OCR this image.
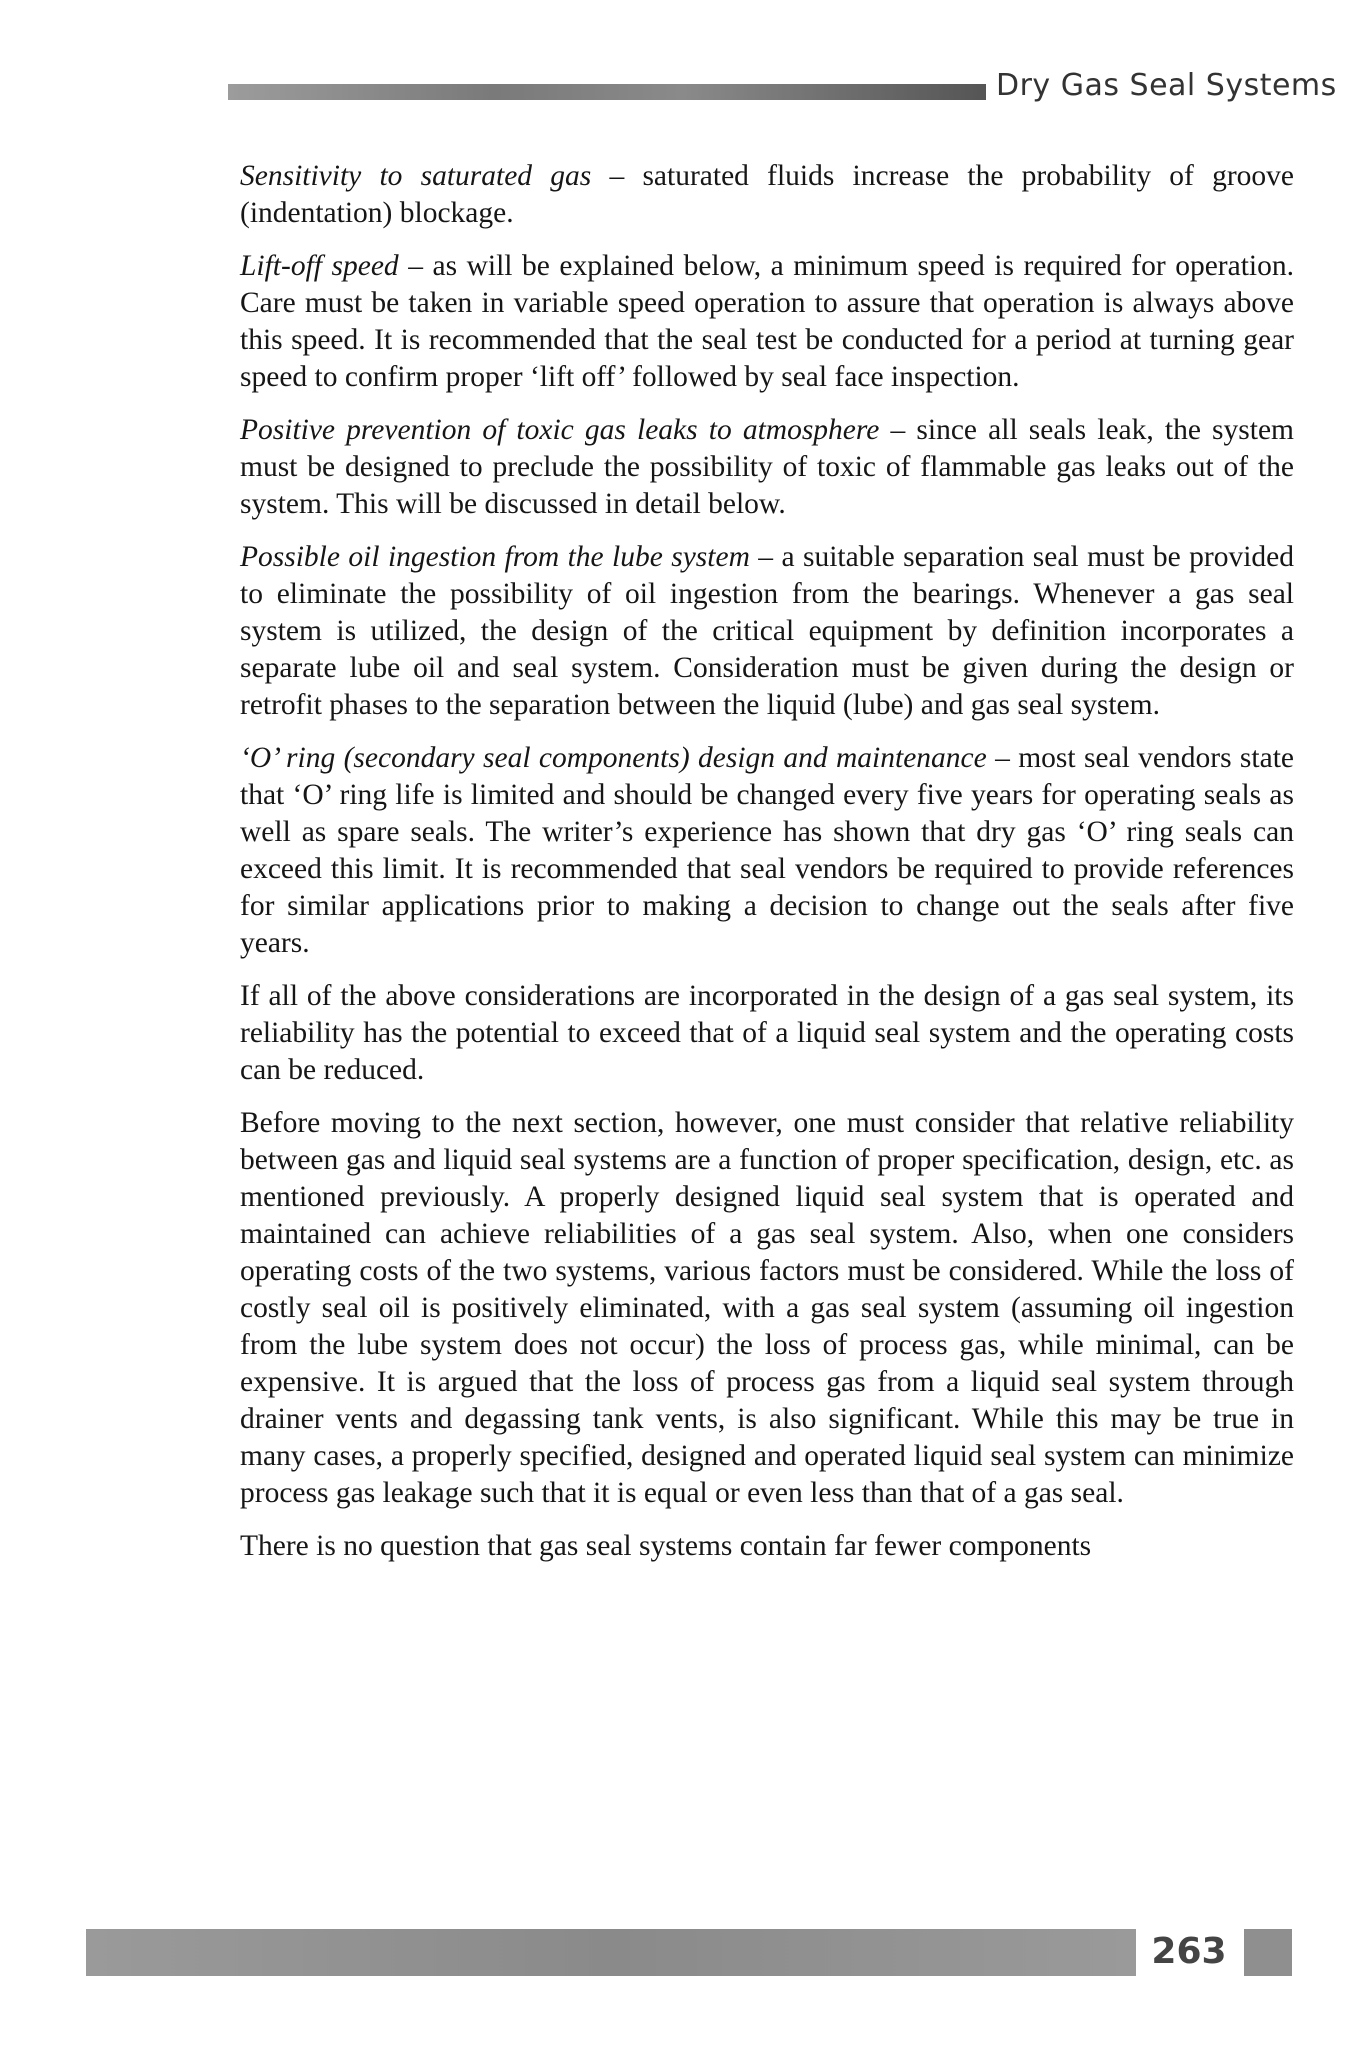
Dry Gas Seal Systems

Sensitivity to saturated gas – saturated fluids increase the probability of groove (indentation) blockage.

Lift-off speed – as will be explained below, a minimum speed is required for operation. Care must be taken in variable speed operation to assure that operation is always above this speed. It is recommended that the seal test be conducted for a period at turning gear speed to confirm proper ‘lift off’ followed by seal face inspection.

Positive prevention of toxic gas leaks to atmosphere – since all seals leak, the system must be designed to preclude the possibility of toxic of flammable gas leaks out of the system. This will be discussed in detail below.

Possible oil ingestion from the lube system – a suitable separation seal must be provided to eliminate the possibility of oil ingestion from the bearings. Whenever a gas seal system is utilized, the design of the critical equipment by definition incorporates a separate lube oil and seal system. Consideration must be given during the design or retrofit phases to the separation between the liquid (lube) and gas seal system.

‘O’ ring (secondary seal components) design and maintenance – most seal vendors state that ‘O’ ring life is limited and should be changed every five years for operating seals as well as spare seals. The writer’s experience has shown that dry gas ‘O’ ring seals can exceed this limit. It is recommended that seal vendors be required to provide references for similar applications prior to making a decision to change out the seals after five years.

If all of the above considerations are incorporated in the design of a gas seal system, its reliability has the potential to exceed that of a liquid seal system and the operating costs can be reduced.

Before moving to the next section, however, one must consider that relative reliability between gas and liquid seal systems are a function of proper specification, design, etc. as mentioned previously. A properly designed liquid seal system that is operated and maintained can achieve reliabilities of a gas seal system. Also, when one considers operating costs of the two systems, various factors must be considered. While the loss of costly seal oil is positively eliminated, with a gas seal system (assuming oil ingestion from the lube system does not occur) the loss of process gas, while minimal, can be expensive. It is argued that the loss of process gas from a liquid seal system through drainer vents and degassing tank vents, is also significant. While this may be true in many cases, a properly specified, designed and operated liquid seal system can minimize process gas leakage such that it is equal or even less than that of a gas seal.

There is no question that gas seal systems contain far fewer components

263
